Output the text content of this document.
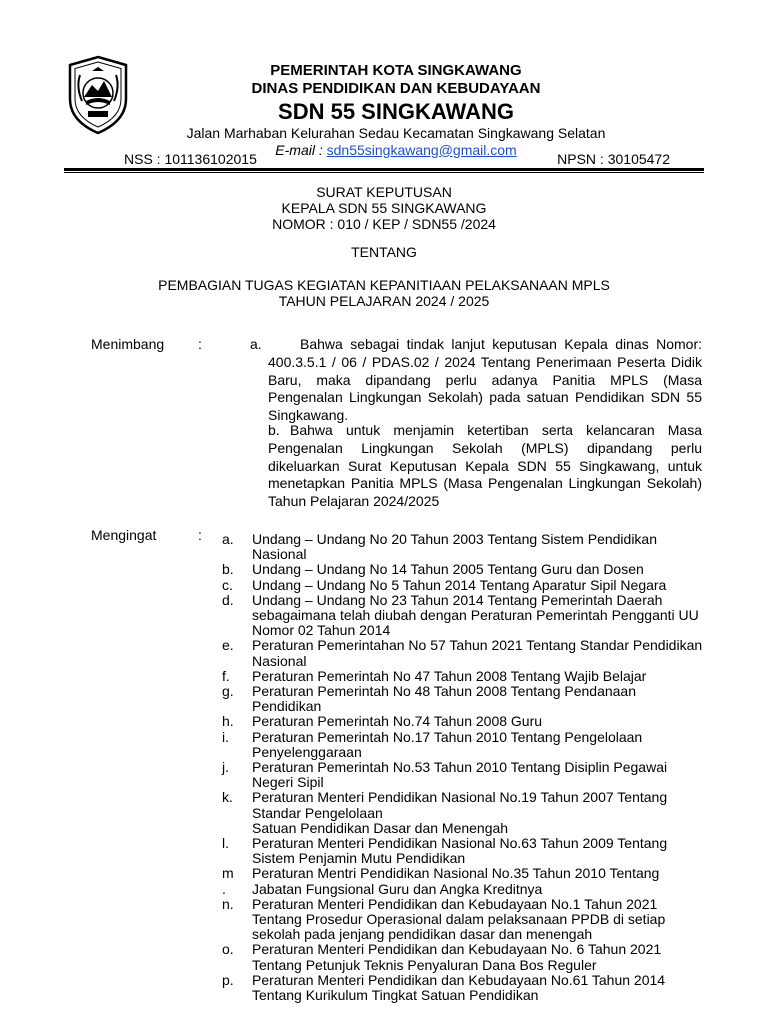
PEMERINTAH KOTA SINGKAWANG
DINAS PENDIDIKAN DAN KEBUDAYAAN
SDN 55 SINGKAWANG
Jalan Marhaban Kelurahan Sedau Kecamatan Singkawang Selatan
E-mail : sdn55singkawang@gmail.com
NSS : 101136102015	NPSN : 30105472
SURAT KEPUTUSAN
KEPALA SDN 55 SINGKAWANG
NOMOR : 010 / KEP / SDN55 /2024
TENTANG
PEMBAGIAN TUGAS KEGIATAN KEPANITIAAN PELAKSANAAN MPLS
TAHUN PELAJARAN 2024 / 2025
Menimbang :	a.	Bahwa sebagai tindak lanjut keputusan Kepala dinas Nomor: 400.3.5.1 / 06 / PDAS.02 / 2024 Tentang Penerimaan Peserta Didik Baru, maka dipandang perlu adanya Panitia MPLS (Masa Pengenalan Lingkungan Sekolah) pada satuan Pendidikan SDN 55 Singkawang.
b. Bahwa untuk menjamin ketertiban serta kelancaran Masa Pengenalan Lingkungan Sekolah (MPLS) dipandang perlu dikeluarkan Surat Keputusan Kepala SDN 55 Singkawang, untuk menetapkan Panitia MPLS (Masa Pengenalan Lingkungan Sekolah) Tahun Pelajaran 2024/2025
Mengingat	: a. Undang – Undang No 20 Tahun 2003 Tentang Sistem Pendidikan
Nasional
b. Undang – Undang No 14 Tahun 2005 Tentang Guru dan Dosen
c. Undang – Undang No 5 Tahun 2014 Tentang Aparatur Sipil Negara
d. Undang – Undang No 23 Tahun 2014 Tentang Pemerintah Daerah
sebagaimana telah diubah dengan Peraturan Pemerintah Pengganti UU
Nomor 02 Tahun 2014
e. Peraturan Pemerintahan No 57 Tahun 2021 Tentang Standar Pendidikan
Nasional
f. Peraturan Pemerintah No 47 Tahun 2008 Tentang Wajib Belajar
g. Peraturan Pemerintah No 48 Tahun 2008 Tentang Pendanaan
Pendidikan
h. Peraturan Pemerintah No.74 Tahun 2008 Guru
i. Peraturan Pemerintah No.17 Tahun 2010 Tentang Pengelolaan
Penyelenggaraan
j. Peraturan Pemerintah No.53 Tahun 2010 Tentang Disiplin Pegawai
Negeri Sipil
k. Peraturan Menteri Pendidikan Nasional No.19 Tahun 2007 Tentang
Standar Pengelolaan
Satuan Pendidikan Dasar dan Menengah
l. Peraturan Menteri Pendidikan Nasional No.63 Tahun 2009 Tentang
Sistem Penjamin Mutu Pendidikan
m
.
Peraturan Mentri Pendidikan Nasional No.35 Tahun 2010 Tentang
Jabatan Fungsional Guru dan Angka Kreditnya
n. Peraturan Menteri Pendidikan dan Kebudayaan No.1 Tahun 2021
Tentang Prosedur Operasional dalam pelaksanaan PPDB di setiap
sekolah pada jenjang pendidikan dasar dan menengah
o. Peraturan Menteri Pendidikan dan Kebudayaan No. 6 Tahun 2021
Tentang Petunjuk Teknis Penyaluran Dana Bos Reguler
p. Peraturan Menteri Pendidikan dan Kebudayaan No.61 Tahun 2014
Tentang Kurikulum Tingkat Satuan Pendidikan
